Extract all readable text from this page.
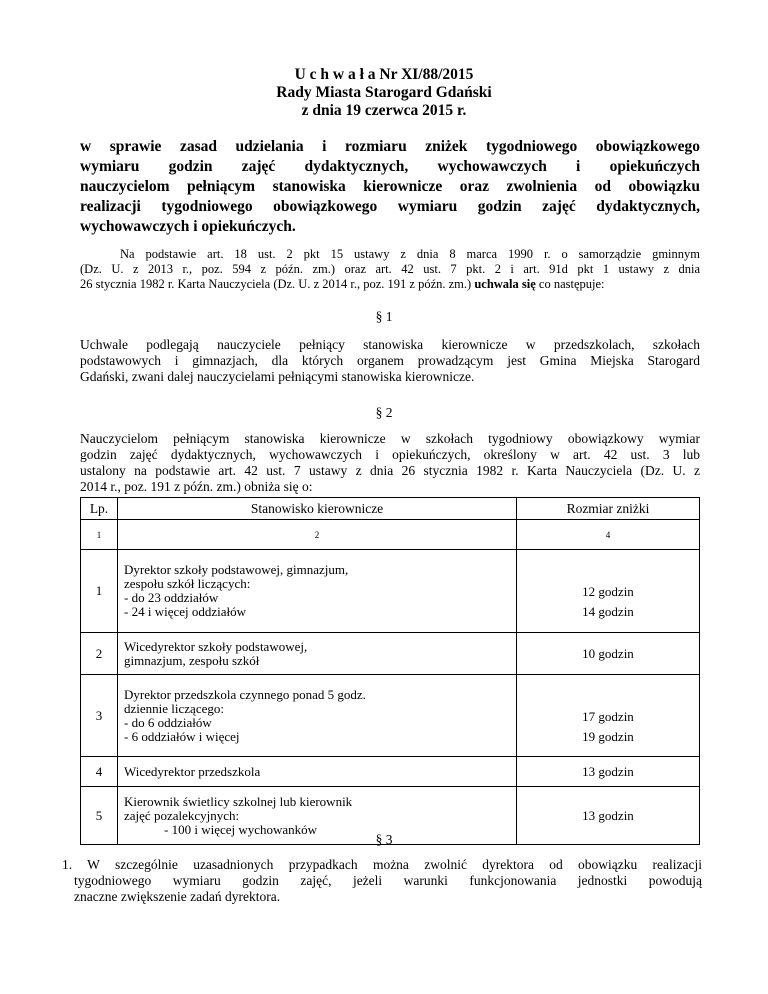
U c h w a ł a Nr XI/88/2015
Rady Miasta Starogard Gdański
z dnia 19 czerwca 2015 r.
w sprawie zasad udzielania i rozmiaru zniżek tygodniowego obowiązkowego
wymiaru godzin zajęć dydaktycznych, wychowawczych i opiekuńczych
nauczycielom pełniącym stanowiska kierownicze oraz zwolnienia od obowiązku
realizacji tygodniowego obowiązkowego wymiaru godzin zajęć dydaktycznych,
wychowawczych i opiekuńczych.
Na podstawie art. 18 ust. 2 pkt 15 ustawy z dnia 8 marca 1990 r. o samorządzie gminnym
(Dz. U. z 2013 r., poz. 594 z późn. zm.) oraz art. 42 ust. 7 pkt. 2 i art. 91d pkt 1 ustawy z dnia
26 stycznia 1982 r. Karta Nauczyciela (Dz. U. z 2014 r., poz. 191 z późn. zm.) uchwala się co następuje:
§ 1
Uchwale podlegają nauczyciele pełniący stanowiska kierownicze w przedszkolach, szkołach
podstawowych i gimnazjach, dla których organem prowadzącym jest Gmina Miejska Starogard
Gdański, zwani dalej nauczycielami pełniącymi stanowiska kierownicze.
§ 2
Nauczycielom pełniącym stanowiska kierownicze w szkołach tygodniowy obowiązkowy wymiar
godzin zajęć dydaktycznych, wychowawczych i opiekuńczych, określony w art. 42 ust. 3 lub
ustalony na podstawie art. 42 ust. 7 ustawy z dnia 26 stycznia 1982 r. Karta Nauczyciela (Dz. U. z
2014 r., poz. 191 z późn. zm.) obniża się o:
Lp.	Stanowisko kierownicze	Rozmiar zniżki
1	2	4
1	Dyrektor szkoły podstawowej, gimnazjum,
zespołu szkół liczących:
- do 23 oddziałów
- 24 i więcej oddziałów	12 godzin
14 godzin

2	Wicedyrektor szkoły podstawowej,
gimnazjum, zespołu szkół	10 godzin

3	Dyrektor przedszkola czynnego ponad 5 godz.
dziennie liczącego:
- do 6 oddziałów
- 6 oddziałów i więcej	17 godzin
19 godzin

4	Wicedyrektor przedszkola	13 godzin

5	Kierownik świetlicy szkolnej lub kierownik
zajęć pozalekcyjnych:
- 100 i więcej wychowanków	13 godzin
§ 3
1. W szczególnie uzasadnionych przypadkach można zwolnić dyrektora od obowiązku realizacji
tygodniowego wymiaru godzin zajęć, jeżeli warunki funkcjonowania jednostki powodują
znaczne zwiększenie zadań dyrektora.
